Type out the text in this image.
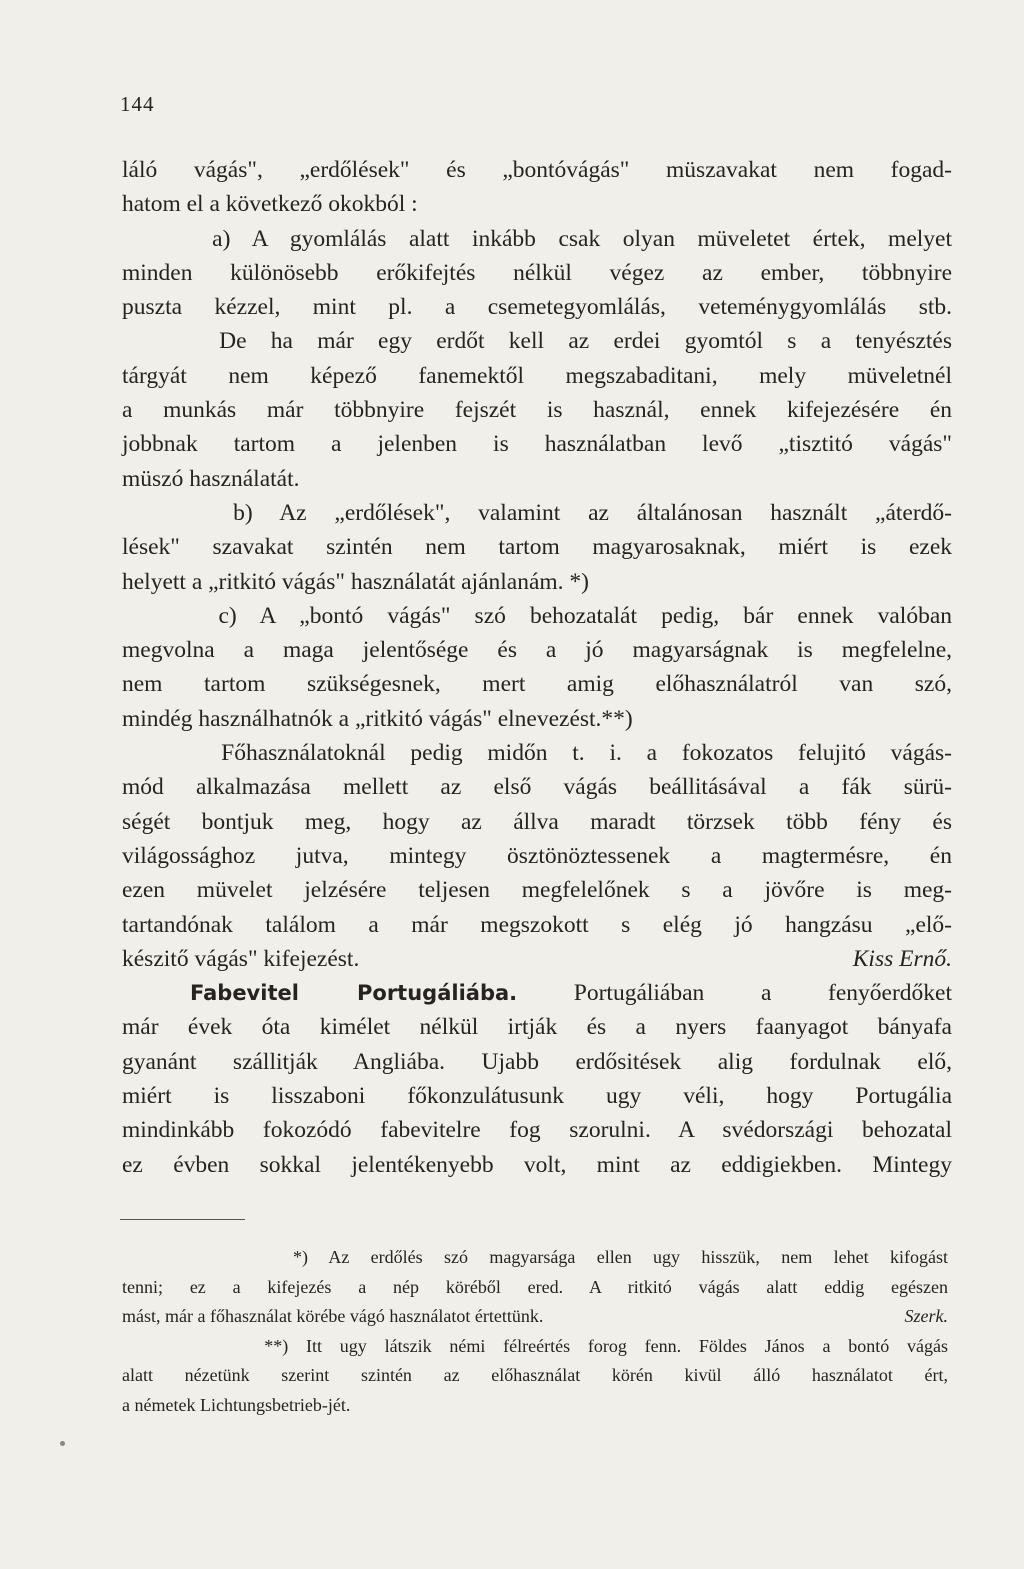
144
láló vágás", „erdőlések" és „bontóvágás" müszavakat nem fogad-
hatom el a következő okokból :
a) A gyomlálás alatt inkább csak olyan müveletet értek, melyet
minden különösebb erőkifejtés nélkül végez az ember, többnyire
puszta kézzel, mint pl. a csemetegyomlálás, veteménygyomlálás stb.
De ha már egy erdőt kell az erdei gyomtól s a tenyésztés
tárgyát nem képező fanemektől megszabaditani, mely müveletnél
a munkás már többnyire fejszét is használ, ennek kifejezésére én
jobbnak tartom a jelenben is használatban levő „tisztitó vágás"
müszó használatát.
b) Az „erdőlések", valamint az általánosan használt „áterdő-
lések" szavakat szintén nem tartom magyarosaknak, miért is ezek
helyett a „ritkitó vágás" használatát ajánlanám. *)
c) A „bontó vágás" szó behozatalát pedig, bár ennek valóban
megvolna a maga jelentősége és a jó magyarságnak is megfelelne,
nem tartom szükségesnek, mert amig előhasználatról van szó,
mindég használhatnók a „ritkitó vágás" elnevezést.**)
Főhasználatoknál pedig midőn t. i. a fokozatos felujitó vágás-
mód alkalmazása mellett az első vágás beállitásával a fák sürü-
ségét bontjuk meg, hogy az állva maradt törzsek több fény és
világossághoz jutva, mintegy ösztönöztessenek a magtermésre, én
ezen müvelet jelzésére teljesen megfelelőnek s a jövőre is meg-
tartandónak találom a már megszokott s elég jó hangzásu „elő-
készitő vágás" kifejezést.	Kiss Ernő.
Fabevitel Portugáliába. Portugáliában a fenyőerdőket
már évek óta kimélet nélkül irtják és a nyers faanyagot bányafa
gyanánt szállitják Angliába. Ujabb erdősitések alig fordulnak elő,
miért is lisszaboni főkonzulátusunk ugy véli, hogy Portugália
mindinkább fokozódó fabevitelre fog szorulni. A svédországi behozatal
ez évben sokkal jelentékenyebb volt, mint az eddigiekben. Mintegy
*) Az erdőlés szó magyarsága ellen ugy hisszük, nem lehet kifogást
tenni; ez a kifejezés a nép köréből ered. A ritkitó vágás alatt eddig egészen
mást, már a főhasználat körébe vágó használatot értettünk.	Szerk.
**) Itt ugy látszik némi félreértés forog fenn. Földes János a bontó vágás
alatt nézetünk szerint szintén az előhasználat körén kivül álló használatot ért,
a németek Lichtungsbetrieb-jét.
